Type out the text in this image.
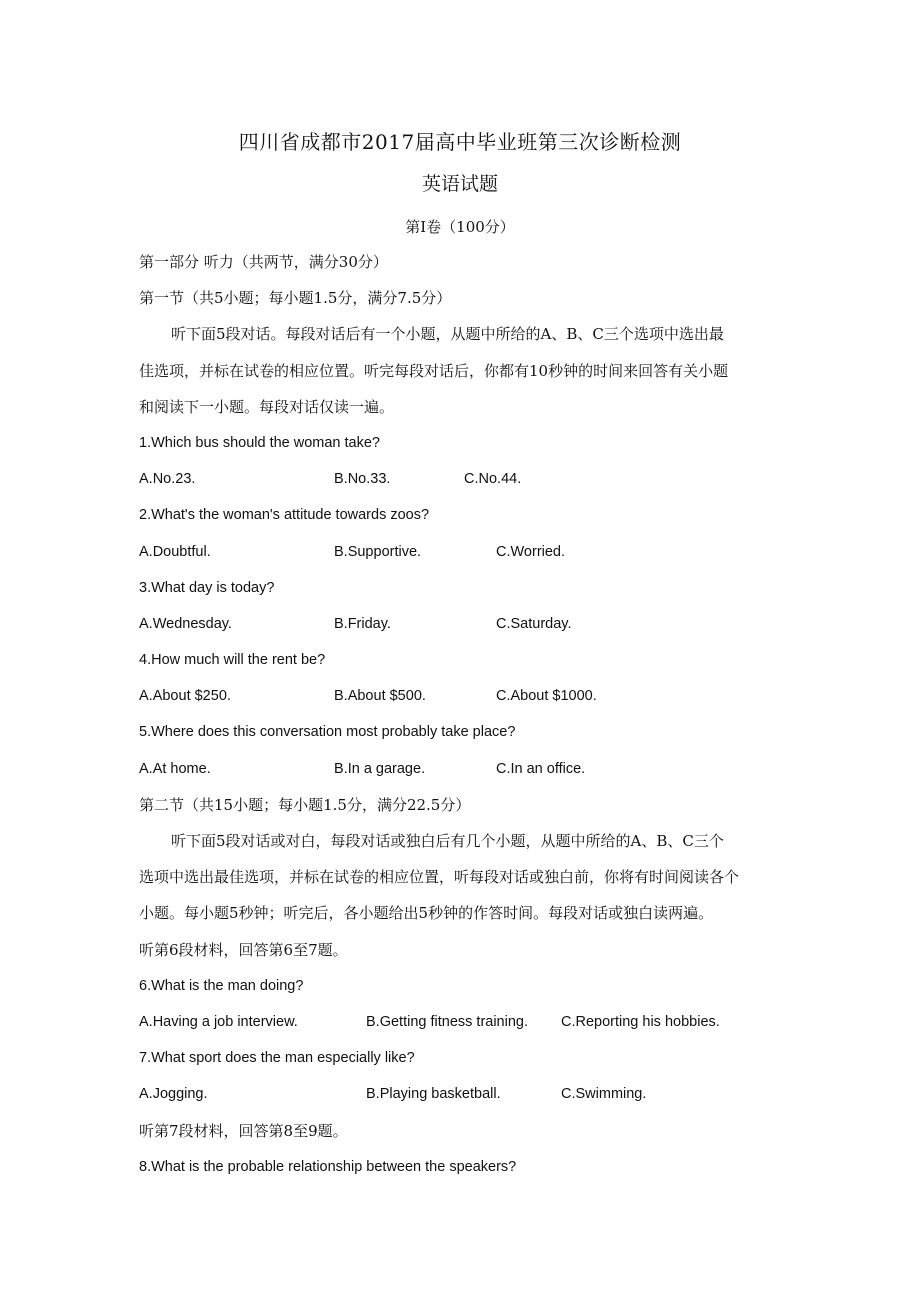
四川省成都市2017届高中毕业班第三次诊断检测
英语试题
第Ⅰ卷（100分）
第一部分 听力（共两节，满分30分）
第一节（共5小题；每小题1.5分，满分7.5分）
听下面5段对话。每段对话后有一个小题，从题中所给的A、B、C三个选项中选出最
佳选项，并标在试卷的相应位置。听完每段对话后，你都有10秒钟的时间来回答有关小题
和阅读下一小题。每段对话仅读一遍。
1.Which bus should the woman take?
A.No.23.	B.No.33.	C.No.44.
2.What's the woman's attitude towards zoos?
A.Doubtful.	B.Supportive.	C.Worried.
3.What day is today?
A.Wednesday.	B.Friday.	C.Saturday.
4.How much will the rent be?
A.About $250.	B.About $500.	C.About $1000.
5.Where does this conversation most probably take place?
A.At home.	B.In a garage.	C.In an office.
第二节（共15小题；每小题1.5分，满分22.5分）
听下面5段对话或对白，每段对话或独白后有几个小题，从题中所给的A、B、C三个
选项中选出最佳选项，并标在试卷的相应位置，听每段对话或独白前，你将有时间阅读各个
小题。每小题5秒钟；听完后，各小题给出5秒钟的作答时间。每段对话或独白读两遍。
听第6段材料，回答第6至7题。
6.What is the man doing?
A.Having a job interview.	B.Getting fitness training. C.Reporting his hobbies.
7.What sport does the man especially like?
A.Jogging.	B.Playing basketball.	C.Swimming.
听第7段材料，回答第8至9题。
8.What is the probable relationship between the speakers?
